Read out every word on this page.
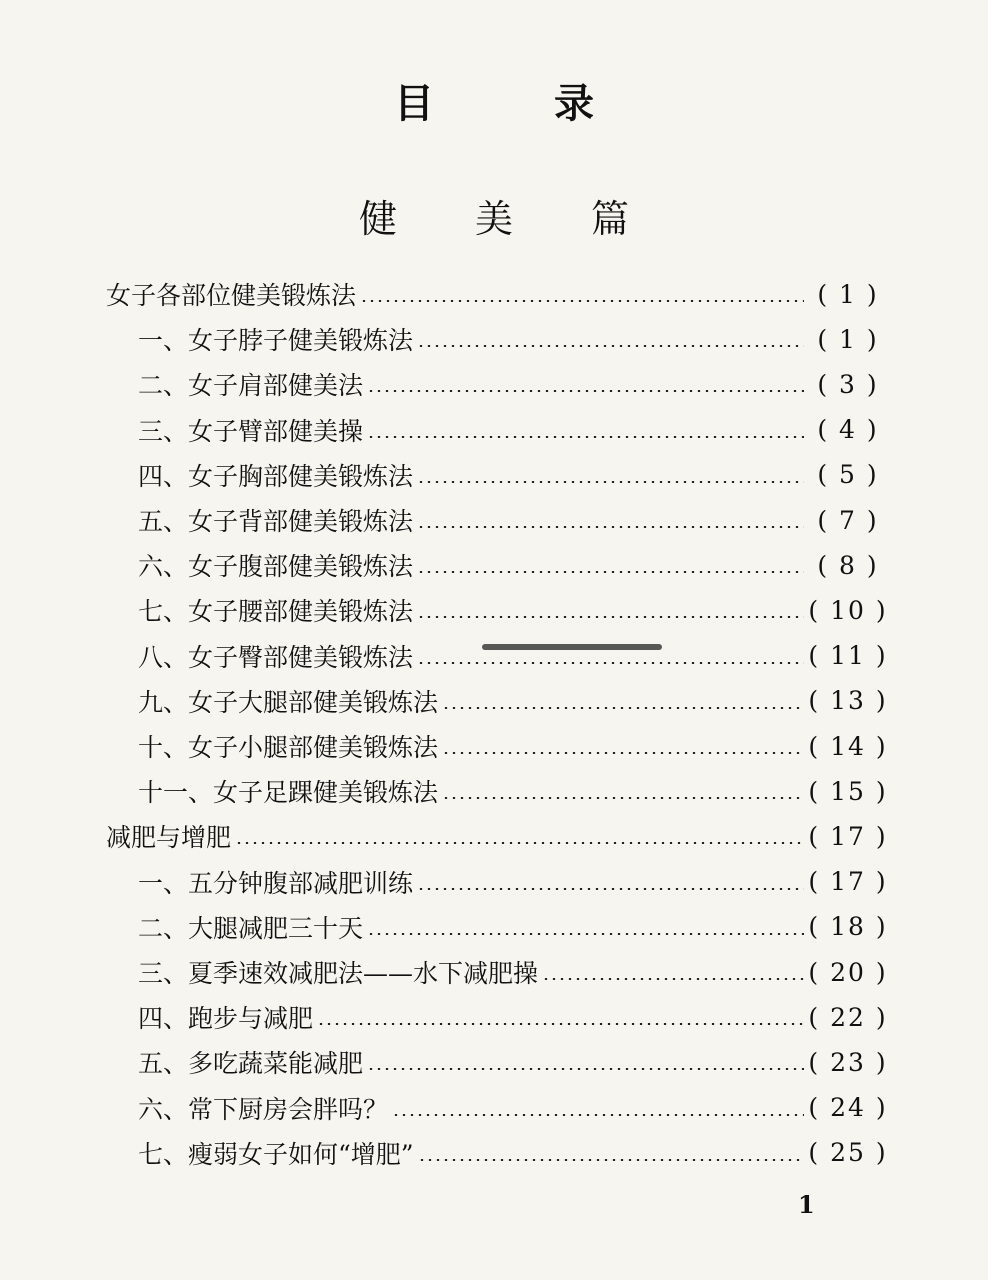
目录
健美篇
女子各部位健美锻炼法	( 1 )
一、女子脖子健美锻炼法	( 1 )
二、女子肩部健美法	( 3 )
三、女子臂部健美操	( 4 )
四、女子胸部健美锻炼法	( 5 )
五、女子背部健美锻炼法	( 7 )
六、女子腹部健美锻炼法	( 8 )
七、女子腰部健美锻炼法	( 10 )
八、女子臀部健美锻炼法	( 11 )
九、女子大腿部健美锻炼法	( 13 )
十、女子小腿部健美锻炼法	( 14 )
十一、女子足踝健美锻炼法	( 15 )
减肥与增肥	( 17 )
一、五分钟腹部减肥训练	( 17 )
二、大腿减肥三十天	( 18 )
三、夏季速效减肥法——水下减肥操	( 20 )
四、跑步与减肥	( 22 )
五、多吃蔬菜能减肥	( 23 )
六、常下厨房会胖吗？	( 24 )
七、瘦弱女子如何“增肥”	( 25 )
1
